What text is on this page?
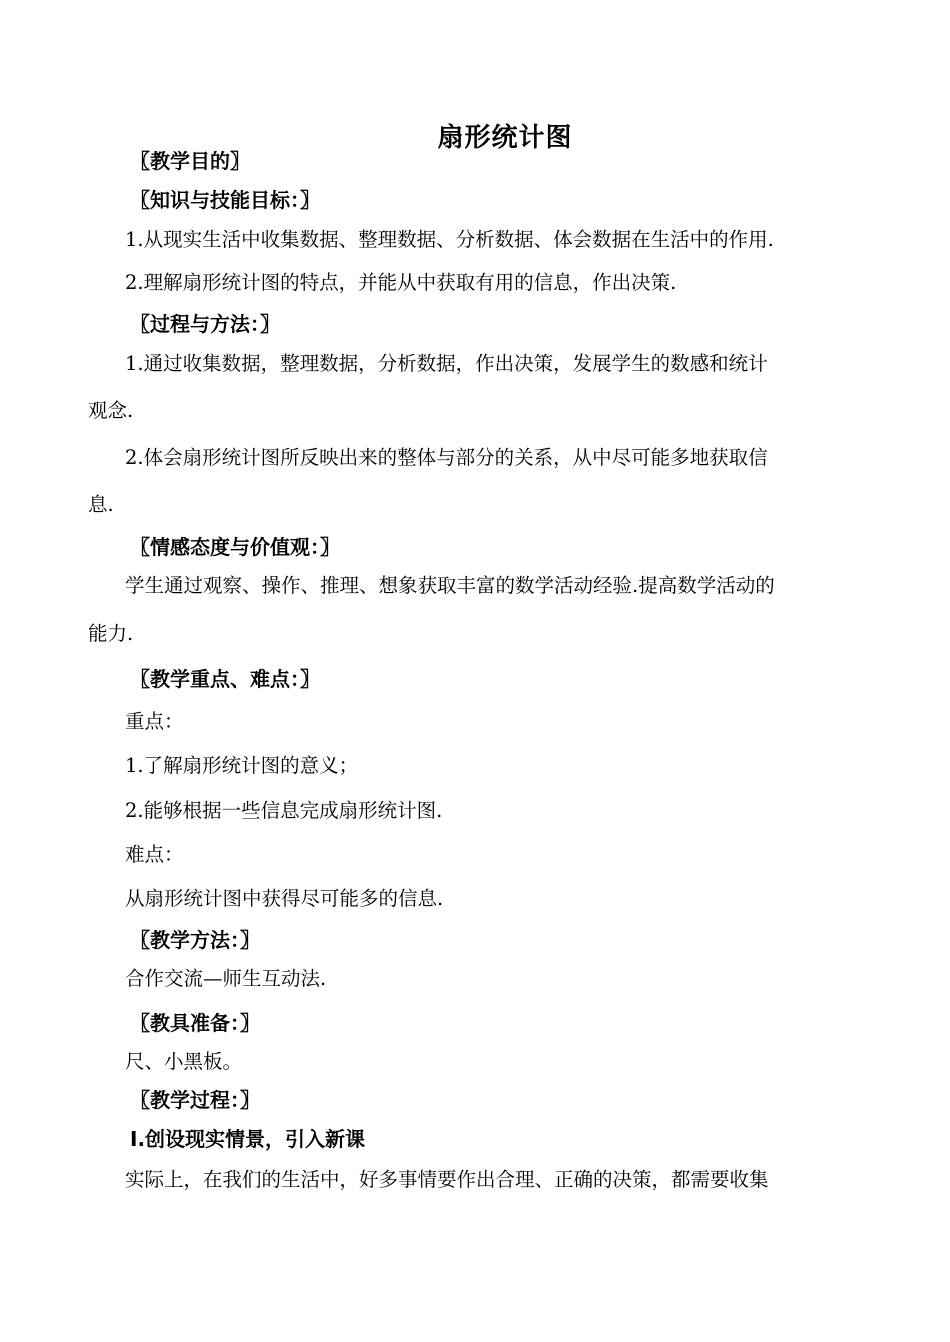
扇形统计图
〖教学目的〗
〖知识与技能目标：〗
1.从现实生活中收集数据、整理数据、分析数据、体会数据在生活中的作用.
2.理解扇形统计图的特点，并能从中获取有用的信息，作出决策.
〖过程与方法：〗
1.通过收集数据，整理数据，分析数据，作出决策，发展学生的数感和统计
观念.
2.体会扇形统计图所反映出来的整体与部分的关系，从中尽可能多地获取信
息.
〖情感态度与价值观：〗
学生通过观察、操作、推理、想象获取丰富的数学活动经验.提高数学活动的
能力.
〖教学重点、难点：〗
重点：
1.了解扇形统计图的意义；
2.能够根据一些信息完成扇形统计图.
难点：
从扇形统计图中获得尽可能多的信息.
〖教学方法：〗
合作交流—师生互动法.
〖教具准备：〗
尺、小黑板。
〖教学过程：〗
Ⅰ.创设现实情景，引入新课
实际上，在我们的生活中，好多事情要作出合理、正确的决策，都需要收集
